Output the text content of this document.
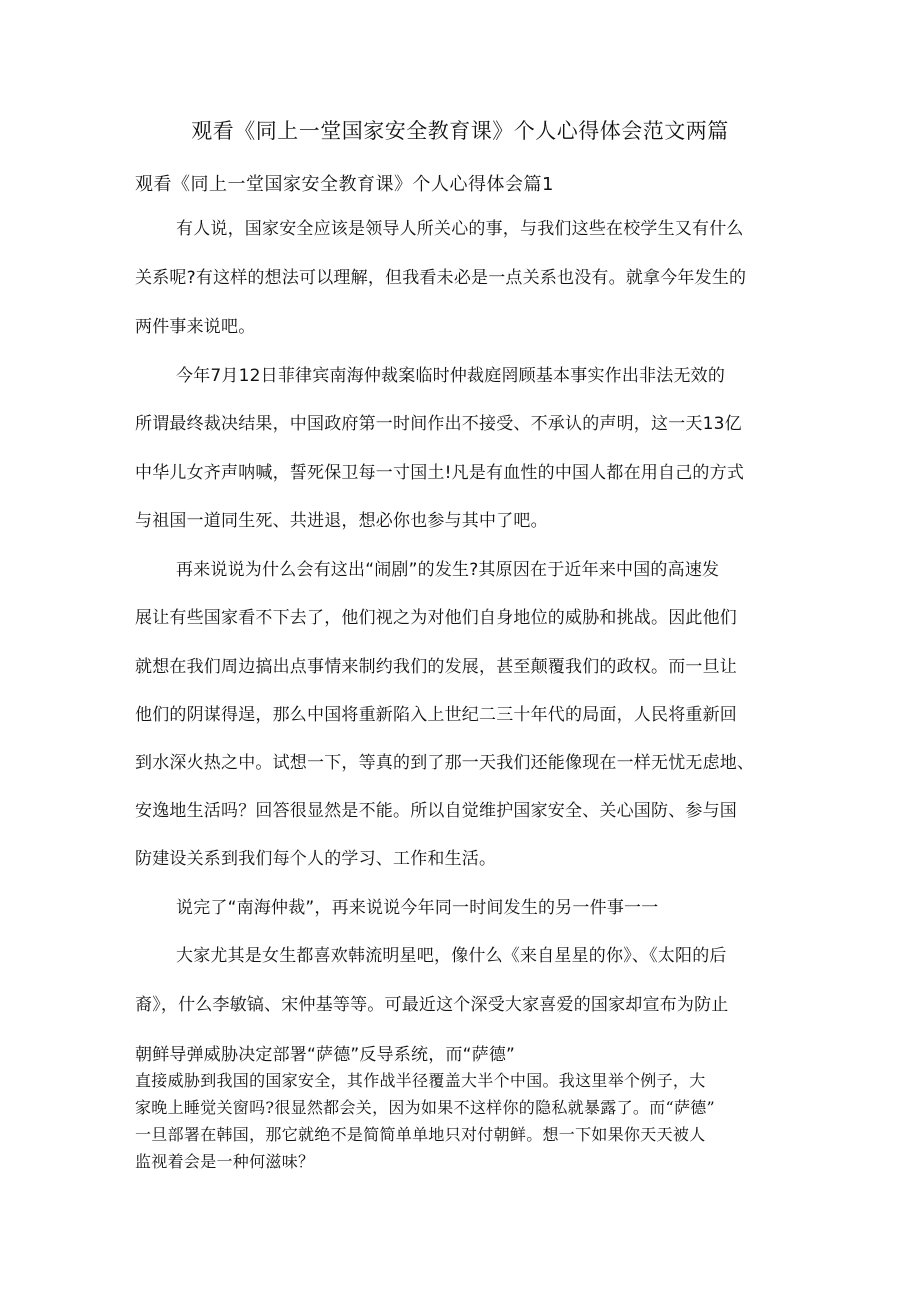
观看《同上一堂国家安全教育课》个人心得体会范文两篇
观看《同上一堂国家安全教育课》个人心得体会篇1
有人说，国家安全应该是领导人所关心的事，与我们这些在校学生又有什么
关系呢?有这样的想法可以理解，但我看未必是一点关系也没有。就拿今年发生的
两件事来说吧。
今年7月12日菲律宾南海仲裁案临时仲裁庭罔顾基本事实作出非法无效的
所谓最终裁决结果，中国政府第一时间作出不接受、不承认的声明，这一天13亿
中华儿女齐声呐喊，誓死保卫每一寸国土!凡是有血性的中国人都在用自己的方式
与祖国一道同生死、共进退，想必你也参与其中了吧。
再来说说为什么会有这出“闹剧”的发生?其原因在于近年来中国的高速发
展让有些国家看不下去了，他们视之为对他们自身地位的威胁和挑战。因此他们
就想在我们周边搞出点事情来制约我们的发展，甚至颠覆我们的政权。而一旦让
他们的阴谋得逞，那么中国将重新陷入上世纪二三十年代的局面，人民将重新回
到水深火热之中。试想一下，等真的到了那一天我们还能像现在一样无忧无虑地、
安逸地生活吗？回答很显然是不能。所以自觉维护国家安全、关心国防、参与国
防建设关系到我们每个人的学习、工作和生活。
说完了“南海仲裁”，再来说说今年同一时间发生的另一件事一一
大家尤其是女生都喜欢韩流明星吧，像什么《来自星星的你》、《太阳的后
裔》，什么李敏镐、宋仲基等等。可最近这个深受大家喜爱的国家却宣布为防止
朝鲜导弹威胁决定部署“萨德”反导系统，而“萨德”
直接威胁到我国的国家安全，其作战半径覆盖大半个中国。我这里举个例子，大
家晚上睡觉关窗吗?很显然都会关，因为如果不这样你的隐私就暴露了。而“萨德”
一旦部署在韩国，那它就绝不是简简单单地只对付朝鲜。想一下如果你天天被人
监视着会是一种何滋味？
